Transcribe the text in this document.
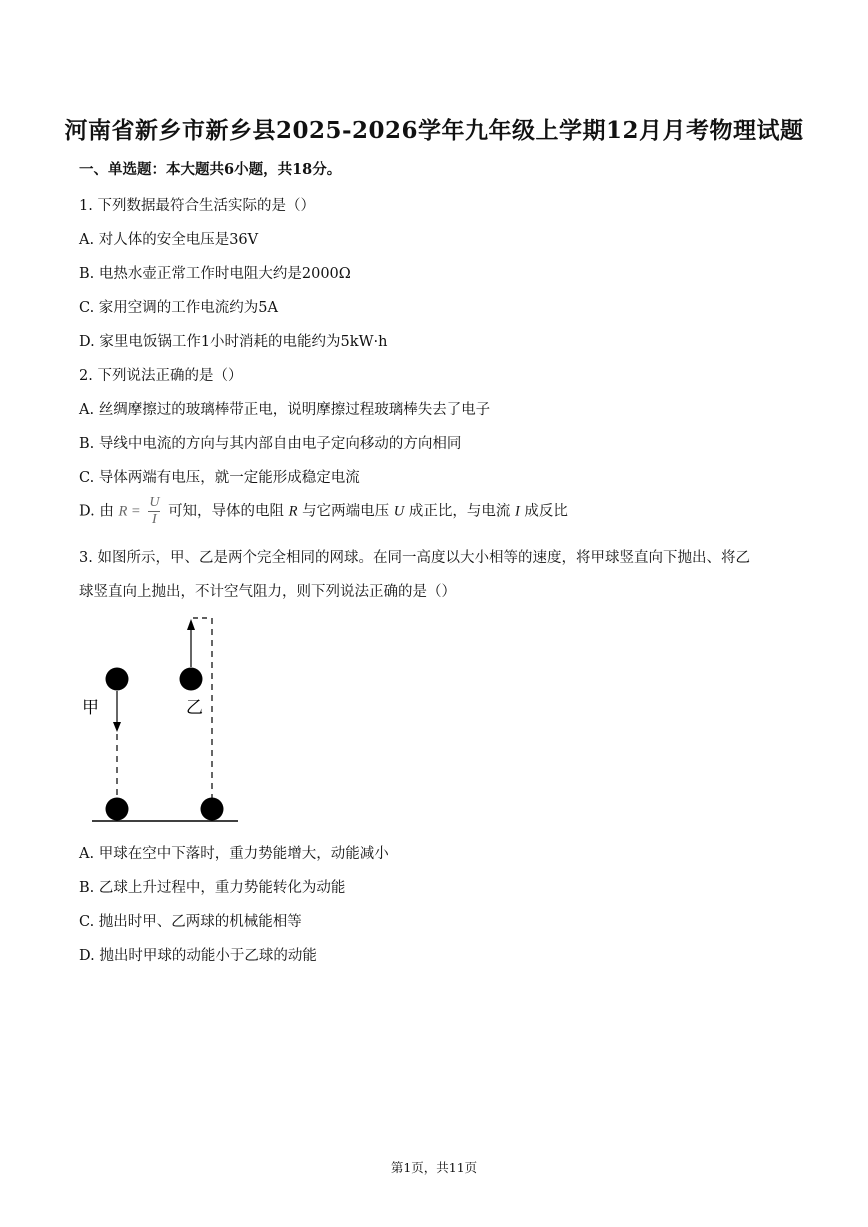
河南省新乡市新乡县2025-2026学年九年级上学期12月月考物理试题
一、单选题：本大题共6小题，共18分。
1. 下列数据最符合生活实际的是（）
A. 对人体的安全电压是36V
B. 电热水壶正常工作时电阻大约是2000Ω
C. 家用空调的工作电流约为5A
D. 家里电饭锅工作1小时消耗的电能约为5kW·h
2. 下列说法正确的是（）
A. 丝绸摩擦过的玻璃棒带正电，说明摩擦过程玻璃棒失去了电子
B. 导线中电流的方向与其内部自由电子定向移动的方向相同
C. 导体两端有电压，就一定能形成稳定电流
D. 由 $R = \frac{U}{I}$ 可知，导体的电阻 R 与它两端电压 U 成正比，与电流 I 成反比
3. 如图所示，甲、乙是两个完全相同的网球。在同一高度以大小相等的速度，将甲球竖直向下抛出、将乙
球竖直向上抛出，不计空气阻力，则下列说法正确的是（）
甲	乙
A. 甲球在空中下落时，重力势能增大，动能减小
B. 乙球上升过程中，重力势能转化为动能
C. 抛出时甲、乙两球的机械能相等
D. 抛出时甲球的动能小于乙球的动能
第1页，共11页
